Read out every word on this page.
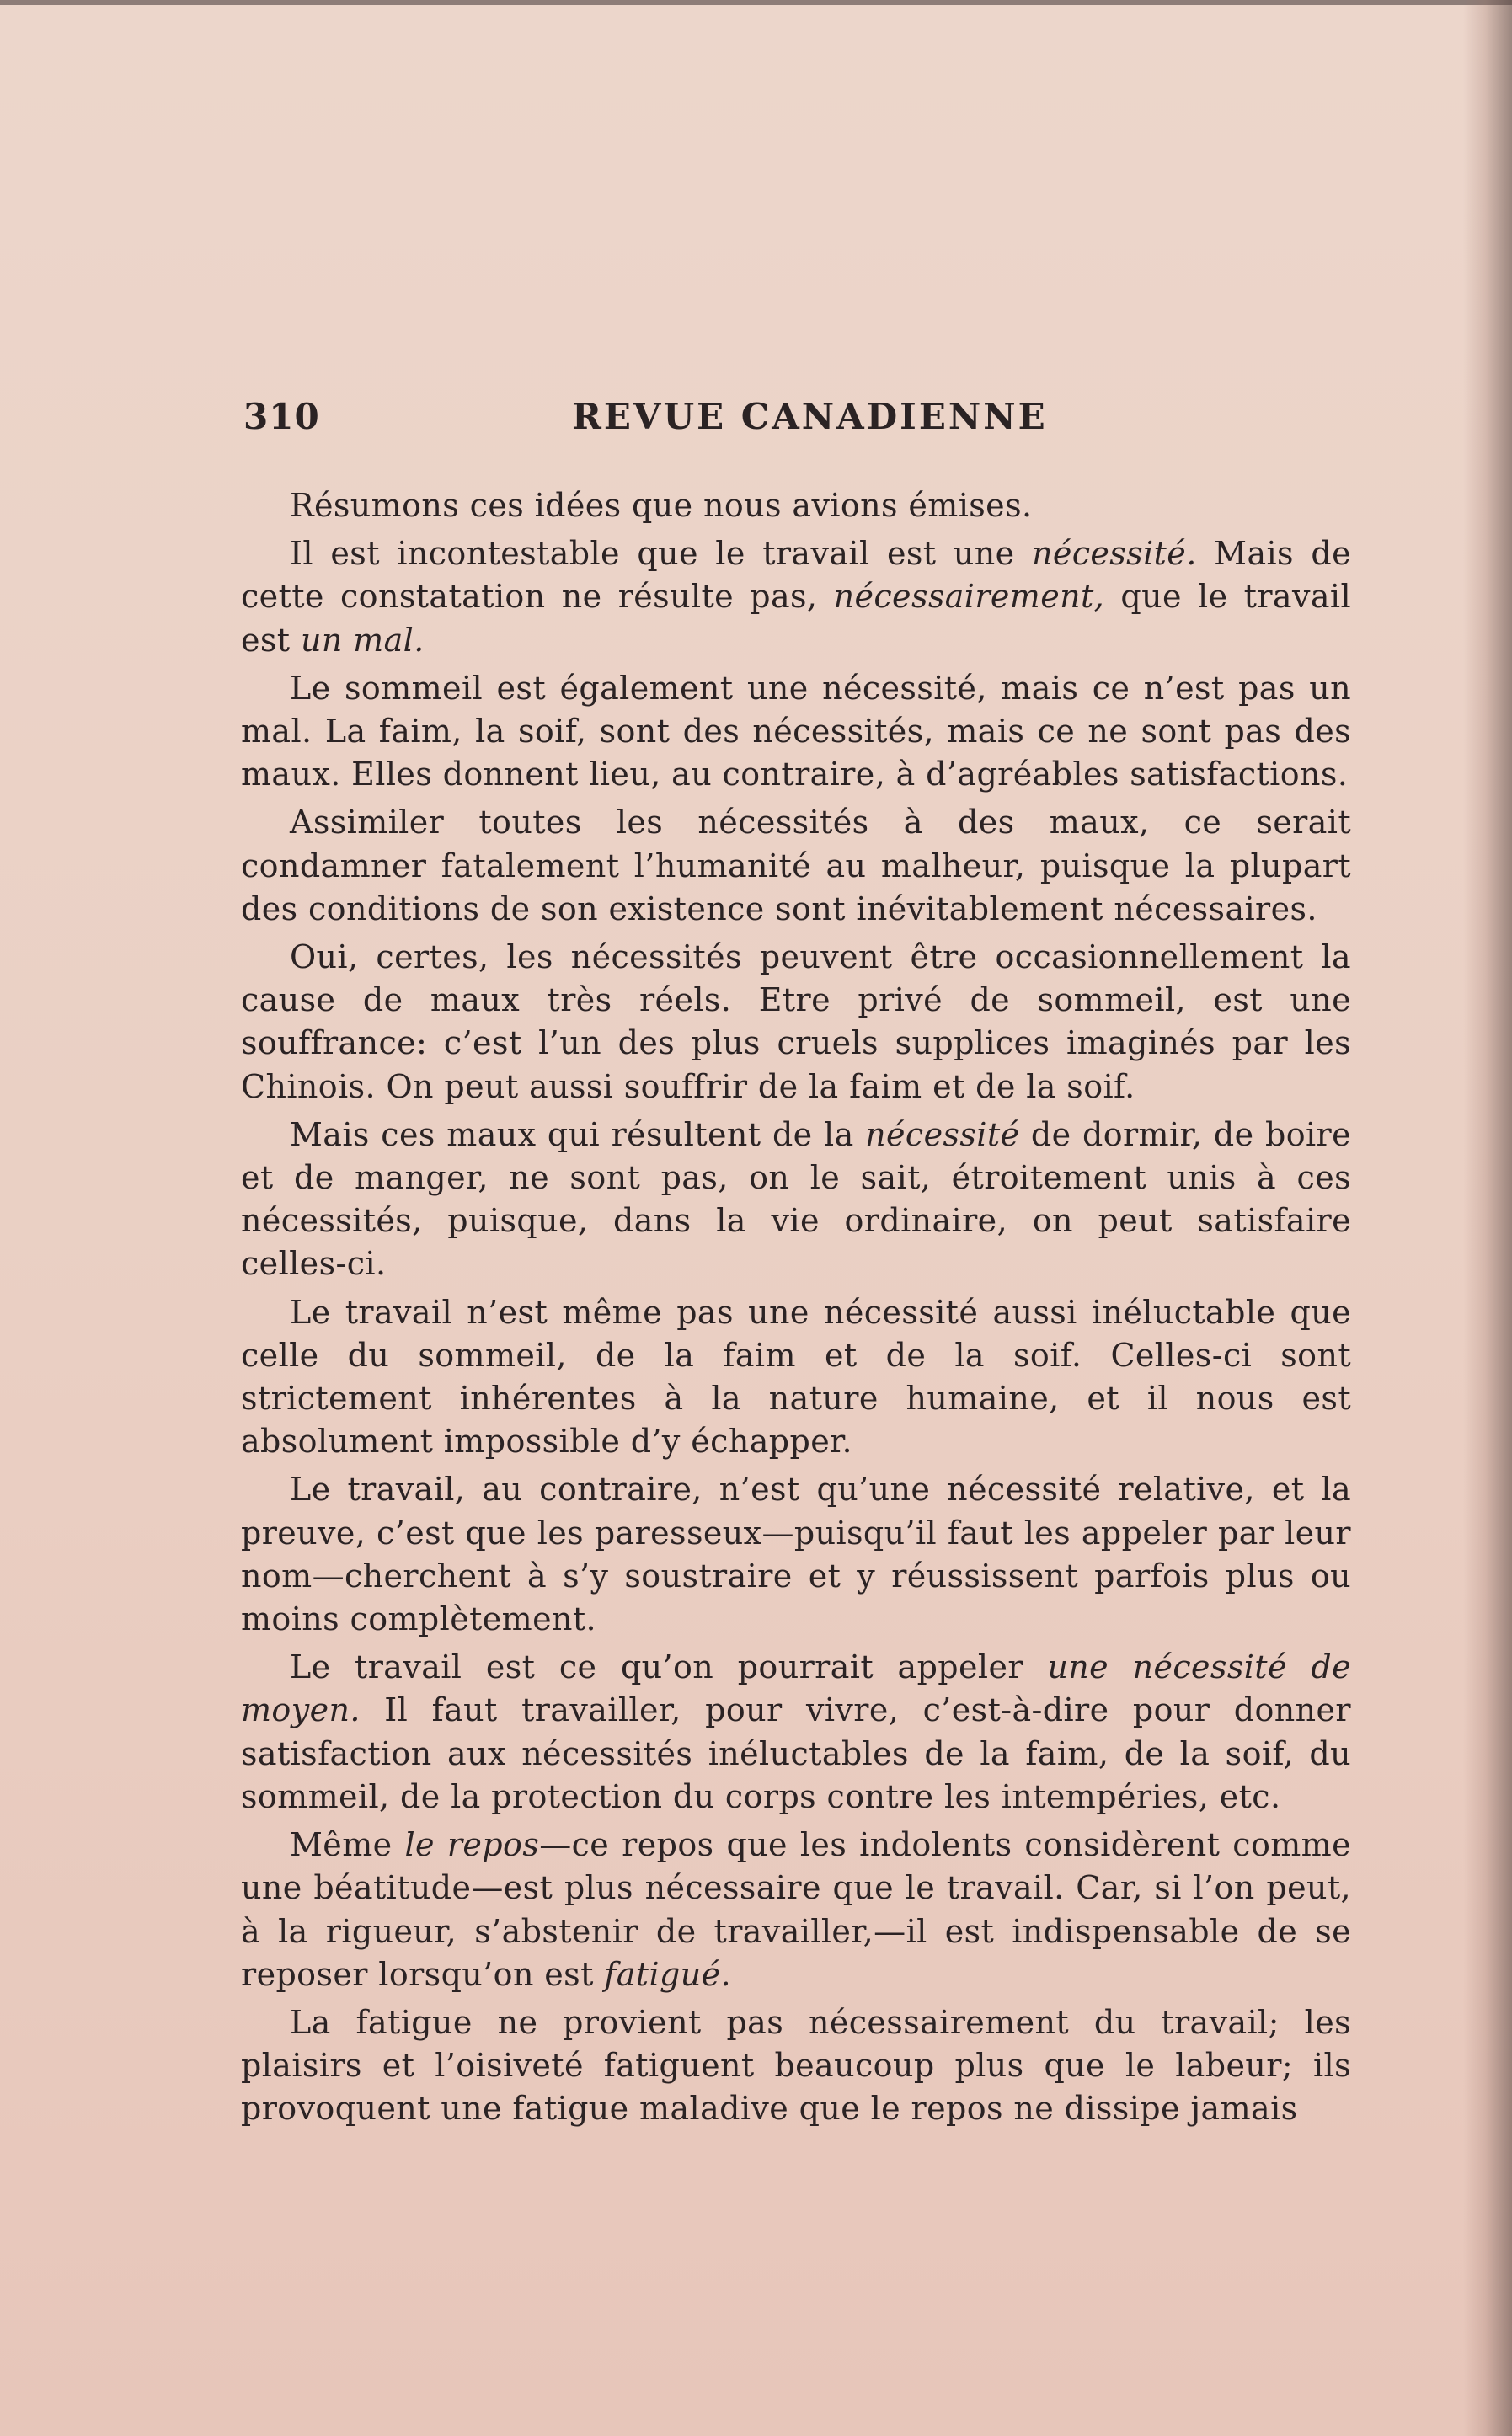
310	REVUE CANADIENNE

Résumons ces idées que nous avions émises.

Il est incontestable que le travail est une nécessité. Mais de cette constatation ne résulte pas, nécessairement, que le travail est un mal.

Le sommeil est également une nécessité, mais ce n’est pas un mal. La faim, la soif, sont des nécessités, mais ce ne sont pas des maux. Elles donnent lieu, au contraire, à d’agréables satisfactions.

Assimiler toutes les nécessités à des maux, ce serait condamner fatalement l’humanité au malheur, puisque la plupart des conditions de son existence sont inévitablement nécessaires.

Oui, certes, les nécessités peuvent être occasionnellement la cause de maux très réels. Etre privé de sommeil, est une souffrance: c’est l’un des plus cruels supplices imaginés par les Chinois. On peut aussi souffrir de la faim et de la soif.

Mais ces maux qui résultent de la nécessité de dormir, de boire et de manger, ne sont pas, on le sait, étroitement unis à ces nécessités, puisque, dans la vie ordinaire, on peut satisfaire celles-ci.

Le travail n’est même pas une nécessité aussi inéluctable que celle du sommeil, de la faim et de la soif. Celles-ci sont strictement inhérentes à la nature humaine, et il nous est absolument impossible d’y échapper.

Le travail, au contraire, n’est qu’une nécessité relative, et la preuve, c’est que les paresseux—puisqu’il faut les appeler par leur nom—cherchent à s’y soustraire et y réussissent parfois plus ou moins complètement.

Le travail est ce qu’on pourrait appeler une nécessité de moyen. Il faut travailler, pour vivre, c’est-à-dire pour donner satisfaction aux nécessités inéluctables de la faim, de la soif, du sommeil, de la protection du corps contre les intempéries, etc.

Même le repos—ce repos que les indolents considèrent comme une béatitude—est plus nécessaire que le travail. Car, si l’on peut, à la rigueur, s’abstenir de travailler,—il est indispensable de se reposer lorsqu’on est fatigué.

La fatigue ne provient pas nécessairement du travail; les plaisirs et l’oisiveté fatiguent beaucoup plus que le labeur; ils provoquent une fatigue maladive que le repos ne dissipe jamais
